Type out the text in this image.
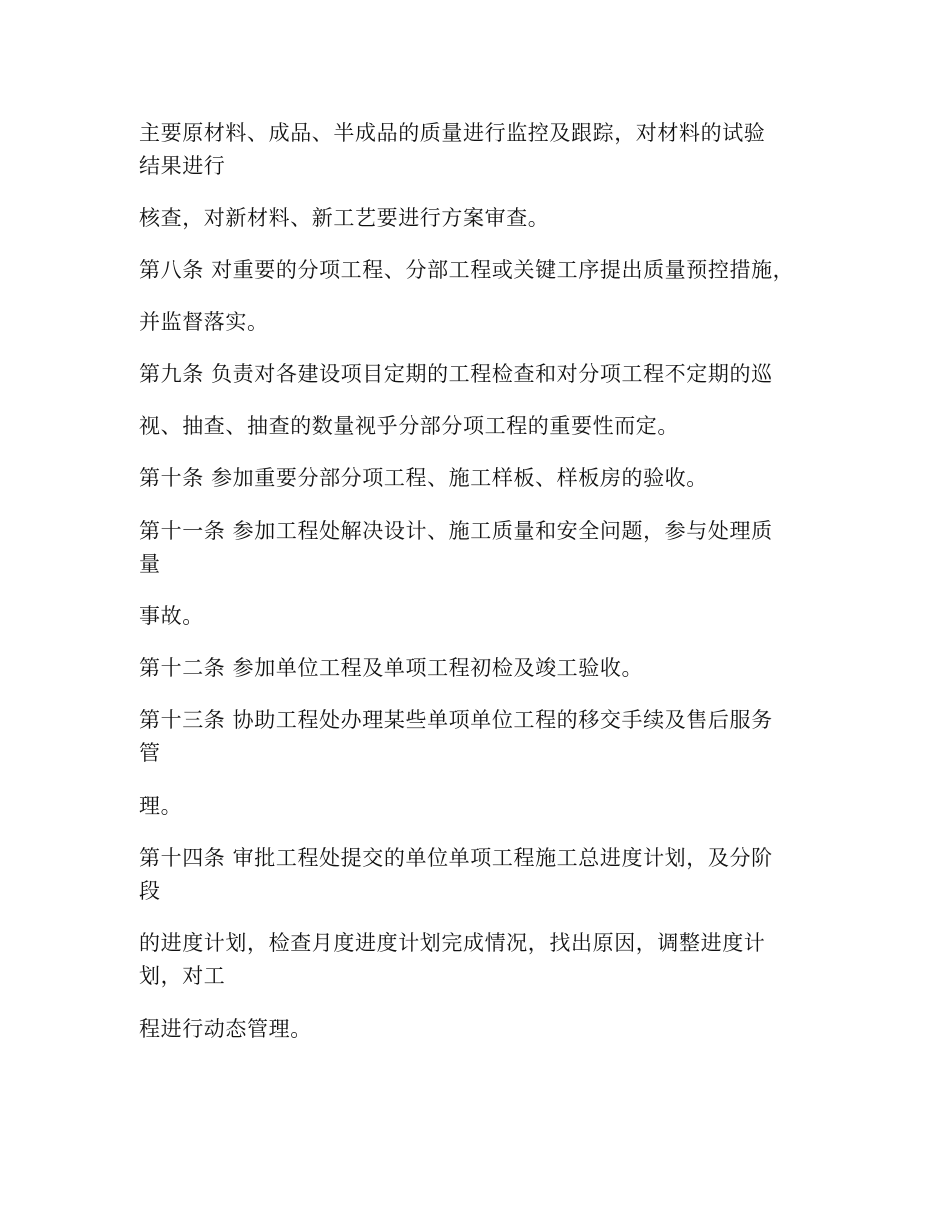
主要原材料、成品、半成品的质量进行监控及跟踪，对材料的试验
结果进行
核查，对新材料、新工艺要进行方案审查。
第八条 对重要的分项工程、分部工程或关键工序提出质量预控措施，
并监督落实。
第九条 负责对各建设项目定期的工程检查和对分项工程不定期的巡
视、抽查、抽查的数量视乎分部分项工程的重要性而定。
第十条 参加重要分部分项工程、施工样板、样板房的验收。
第十一条 参加工程处解决设计、施工质量和安全问题，参与处理质
量
事故。
第十二条 参加单位工程及单项工程初检及竣工验收。
第十三条 协助工程处办理某些单项单位工程的移交手续及售后服务
管
理。
第十四条 审批工程处提交的单位单项工程施工总进度计划，及分阶
段
的进度计划，检查月度进度计划完成情况，找出原因，调整进度计
划，对工
程进行动态管理。
